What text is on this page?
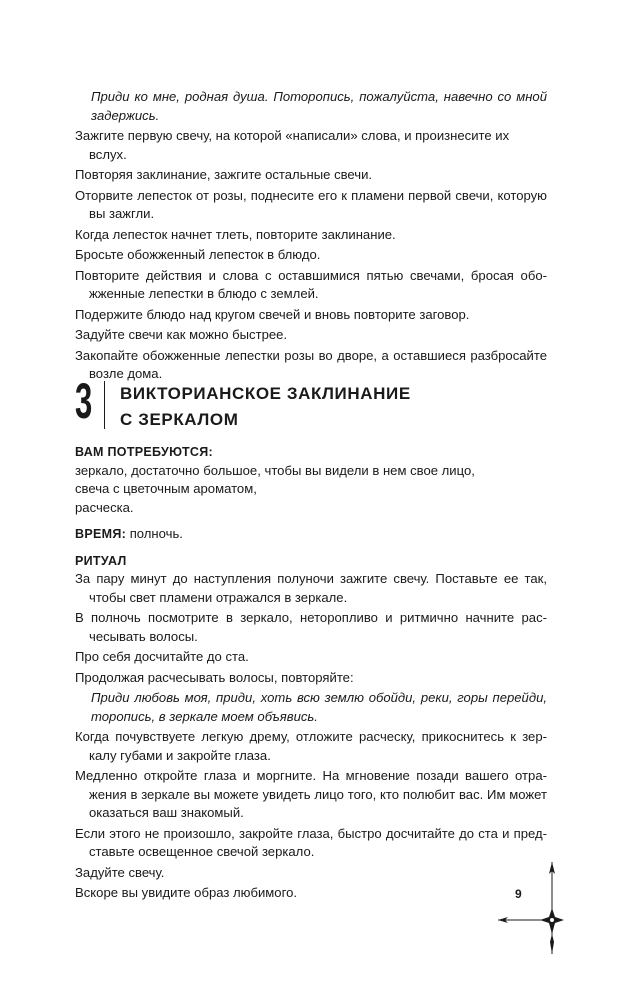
Приди ко мне, родная душа. Поторопись, пожалуйста, навечно со мной задержись.
Зажгите первую свечу, на которой «написали» слова, и произнесите их вслух.
Повторяя заклинание, зажгите остальные свечи.
Оторвите лепесток от розы, поднесите его к пламени первой свечи, которую вы зажгли.
Когда лепесток начнет тлеть, повторите заклинание.
Бросьте обожженный лепесток в блюдо.
Повторите действия и слова с оставшимися пятью свечами, бросая обожженные лепестки в блюдо с землей.
Подержите блюдо над кругом свечей и вновь повторите заговор.
Задуйте свечи как можно быстрее.
Закопайте обожженные лепестки розы во дворе, а оставшиеся разбросайте возле дома.
3 ВИКТОРИАНСКОЕ ЗАКЛИНАНИЕ
С ЗЕРКАЛОМ
ВАМ ПОТРЕБУЮТСЯ:
зеркало, достаточно большое, чтобы вы видели в нем свое лицо,
свеча с цветочным ароматом,
расческа.
ВРЕМЯ: полночь.
РИТУАЛ
За пару минут до наступления полуночи зажгите свечу. Поставьте ее так, чтобы свет пламени отражался в зеркале.
В полночь посмотрите в зеркало, неторопливо и ритмично начните расчесывать волосы.
Про себя досчитайте до ста.
Продолжая расчесывать волосы, повторяйте:
Приди любовь моя, приди, хоть всю землю обойди, реки, горы перейди, торопись, в зеркале моем объявись.
Когда почувствуете легкую дрему, отложите расческу, прикоснитесь к зеркалу губами и закройте глаза.
Медленно откройте глаза и моргните. На мгновение позади вашего отражения в зеркале вы можете увидеть лицо того, кто полюбит вас. Им может оказаться ваш знакомый.
Если этого не произошло, закройте глаза, быстро досчитайте до ста и представьте освещенное свечой зеркало.
Задуйте свечу.
Вскоре вы увидите образ любимого.	9
